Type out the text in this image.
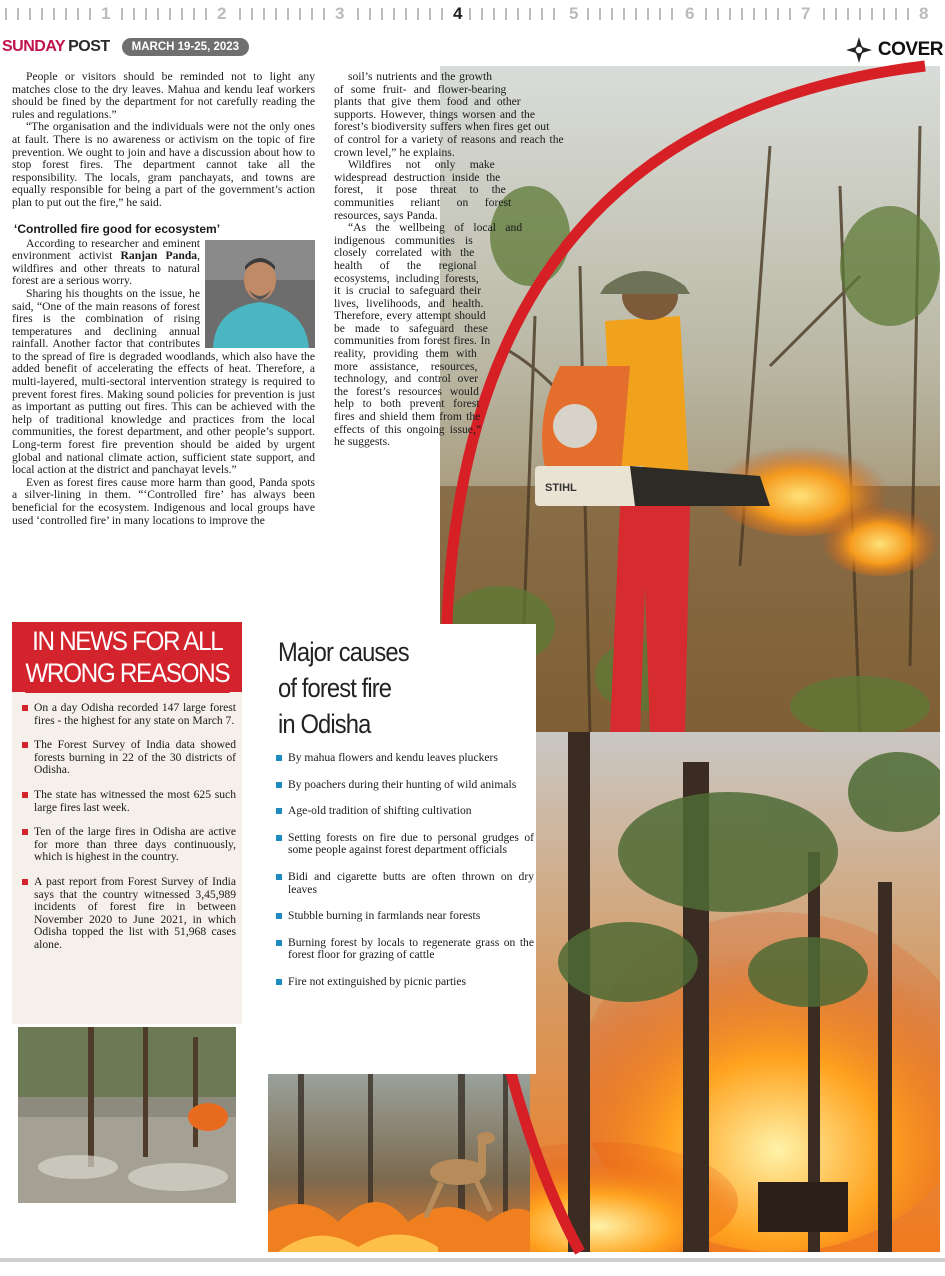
1	2	3	4	5	6	7	8
SUNDAY POST	MARCH 19-25, 2023	COVER
STIHL

People or visitors should be reminded not to light any matches close to the dry leaves. Mahua and kendu leaf workers should be fined by the department for not carefully reading the rules and regulations.”

“The organisation and the individuals were not the only ones at fault. There is no awareness or activism on the topic of fire prevention. We ought to join and have a discussion about how to stop forest fires. The department cannot take all the responsibility. The locals, gram panchayats, and towns are equally responsible for being a part of the government’s action plan to put out the fire,” he said.

‘Controlled fire good for ecosystem’

According to researcher and eminent environment activist Ranjan Panda, wildfires and other threats to natural forest are a serious worry.

Sharing his thoughts on the issue, he said, “One of the main reasons of forest fires is the combination of rising temperatures and declining annual rainfall. Another factor that contributes to the spread of fire is degraded woodlands, which also have the added benefit of accelerating the effects of heat. Therefore, a multi-layered, multi-sectoral intervention strategy is required to prevent forest fires. Making sound policies for prevention is just as important as putting out fires. This can be achieved with the help of traditional knowledge and practices from the local communities, the forest department, and other people’s support. Long-term forest fire prevention should be aided by urgent global and national climate action, sufficient state support, and local action at the district and panchayat levels.”

Even as forest fires cause more harm than good, Panda spots a silver-lining in them. “‘Controlled fire’ has always been beneficial for the ecosystem. Indigenous and local groups have used ‘controlled fire’ in many locations to improve the

soil’s nutrients and the growth of some fruit- and flower-bearing plants that give them food and other supports. However, things worsen and the forest’s biodiversity suffers when fires get out of control for a variety of reasons and reach the crown level,” he explains.

Wildfires not only make widespread destruction inside the forest, it pose threat to the communities reliant on forest resources, says Panda.

“As the wellbeing of local and indigenous communities is closely correlated with the health of the regional ecosystems, including forests, it is crucial to safeguard their lives, livelihoods, and health. Therefore, every attempt should be made to safeguard these communities from forest fires. In reality, providing them with more assistance, resources, technology, and control over the forest’s resources would help to both prevent forest fires and shield them from the effects of this ongoing issue,” he suggests.

IN NEWS FOR ALL
WRONG REASONS
On a day Odisha recorded 147 large forest fires - the highest for any state on March 7.
The Forest Survey of India data showed forests burning in 22 of the 30 districts of Odisha.
The state has witnessed the most 625 such large fires last week.
Ten of the large fires in Odisha are active for more than three days continuously, which is highest in the country.
A past report from Forest Survey of India says that the country witnessed 3,45,989 incidents of forest fire in between November 2020 to June 2021, in which Odisha topped the list with 51,968 cases alone.
Major causes
of forest fire
in Odisha
By mahua flowers and kendu leaves pluckers
By poachers during their hunting of wild animals
Age-old tradition of shifting cultivation
Setting forests on fire due to personal grudges of some people against forest department officials
Bidi and cigarette butts are often thrown on dry leaves
Stubble burning in farmlands near forests
Burning forest by locals to regenerate grass on the forest floor for grazing of cattle
Fire not extinguished by picnic parties
